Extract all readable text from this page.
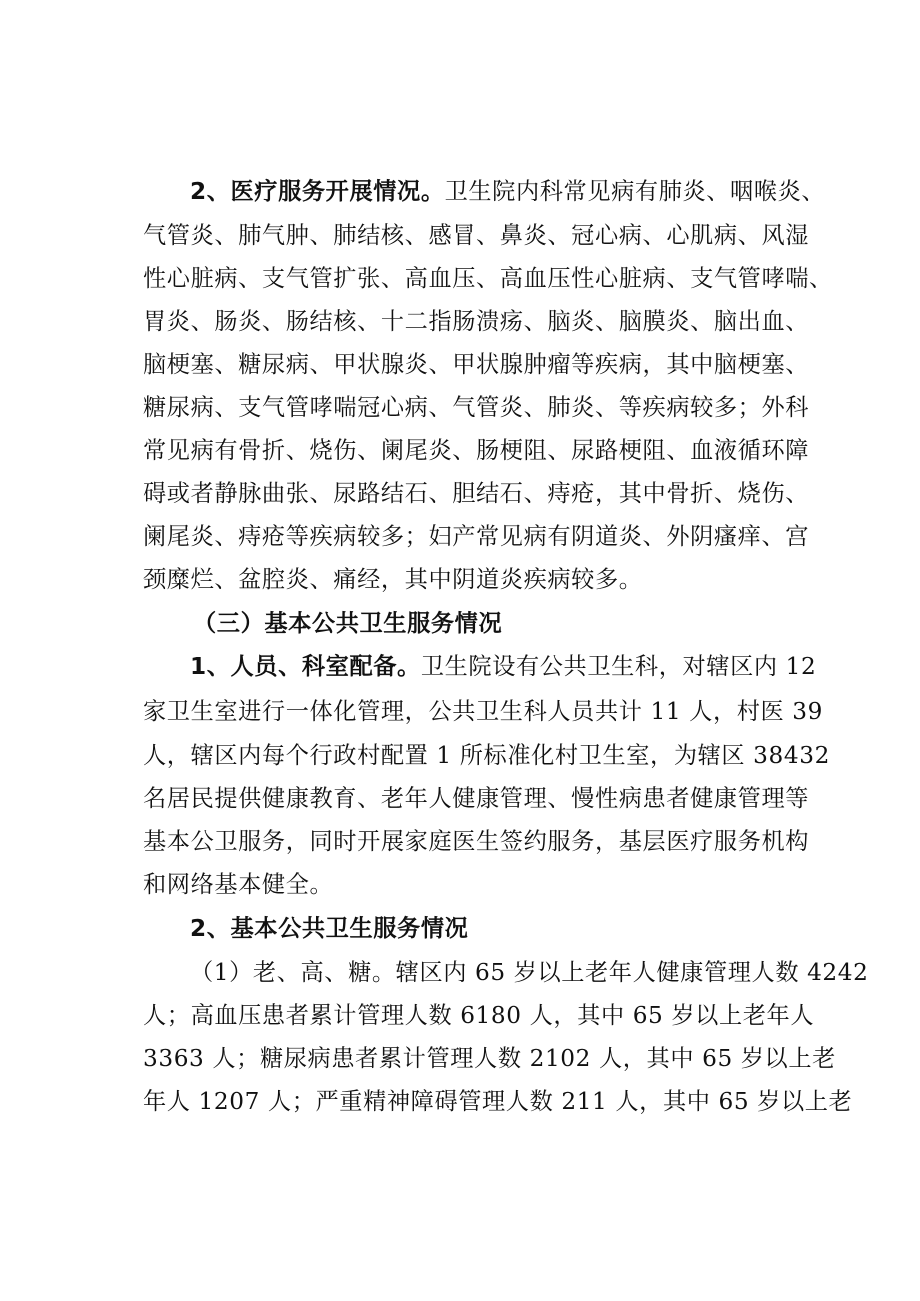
2、医疗服务开展情况。卫生院内科常见病有肺炎、咽喉炎、

气管炎、肺气肿、肺结核、感冒、鼻炎、冠心病、心肌病、风湿

性心脏病、支气管扩张、高血压、高血压性心脏病、支气管哮喘、

胃炎、肠炎、肠结核、十二指肠溃疡、脑炎、脑膜炎、脑出血、

脑梗塞、糖尿病、甲状腺炎、甲状腺肿瘤等疾病，其中脑梗塞、

糖尿病、支气管哮喘冠心病、气管炎、肺炎、等疾病较多；外科

常见病有骨折、烧伤、阑尾炎、肠梗阻、尿路梗阻、血液循环障

碍或者静脉曲张、尿路结石、胆结石、痔疮，其中骨折、烧伤、

阑尾炎、痔疮等疾病较多；妇产常见病有阴道炎、外阴瘙痒、宫

颈糜烂、盆腔炎、痛经，其中阴道炎疾病较多。

（三）基本公共卫生服务情况

1、人员、科室配备。卫生院设有公共卫生科，对辖区内 12

家卫生室进行一体化管理，公共卫生科人员共计 11 人，村医 39

人，辖区内每个行政村配置 1 所标准化村卫生室，为辖区 38432

名居民提供健康教育、老年人健康管理、慢性病患者健康管理等

基本公卫服务，同时开展家庭医生签约服务，基层医疗服务机构

和网络基本健全。

2、基本公共卫生服务情况

（1）老、高、糖。辖区内 65 岁以上老年人健康管理人数 4242

人；高血压患者累计管理人数 6180 人，其中 65 岁以上老年人

3363 人；糖尿病患者累计管理人数 2102 人，其中 65 岁以上老

年人 1207 人；严重精神障碍管理人数 211 人，其中 65 岁以上老
